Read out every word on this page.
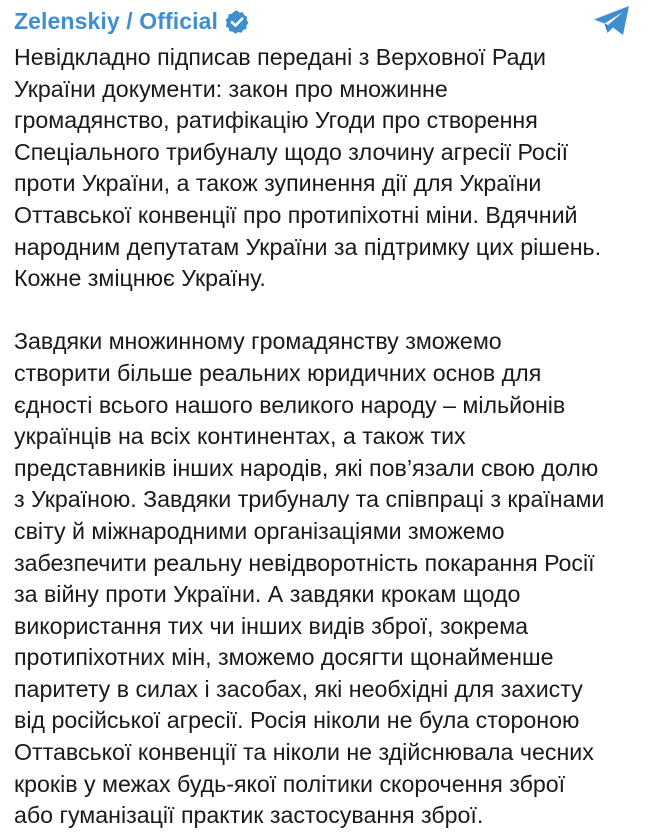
Zelenskiy / Official
Невідкладно підписав передані з Верховної Ради
України документи: закон про множинне
громадянство, ратифікацію Угоди про створення
Спеціального трибуналу щодо злочину агресії Росії
проти України, а також зупинення дії для України
Оттавської конвенції про протипіхотні міни. Вдячний
народним депутатам України за підтримку цих рішень.
Кожне зміцнює Україну.
Завдяки множинному громадянству зможемо
створити більше реальних юридичних основ для
єдності всього нашого великого народу – мільйонів
українців на всіх континентах, а також тих
представників інших народів, які пов’язали свою долю
з Україною. Завдяки трибуналу та співпраці з країнами
світу й міжнародними організаціями зможемо
забезпечити реальну невідворотність покарання Росії
за війну проти України. А завдяки крокам щодо
використання тих чи інших видів зброї, зокрема
протипіхотних мін, зможемо досягти щонайменше
паритету в силах і засобах, які необхідні для захисту
від російської агресії. Росія ніколи не була стороною
Оттавської конвенції та ніколи не здійснювала чесних
кроків у межах будь-якої політики скорочення зброї
або гуманізації практик застосування зброї.
